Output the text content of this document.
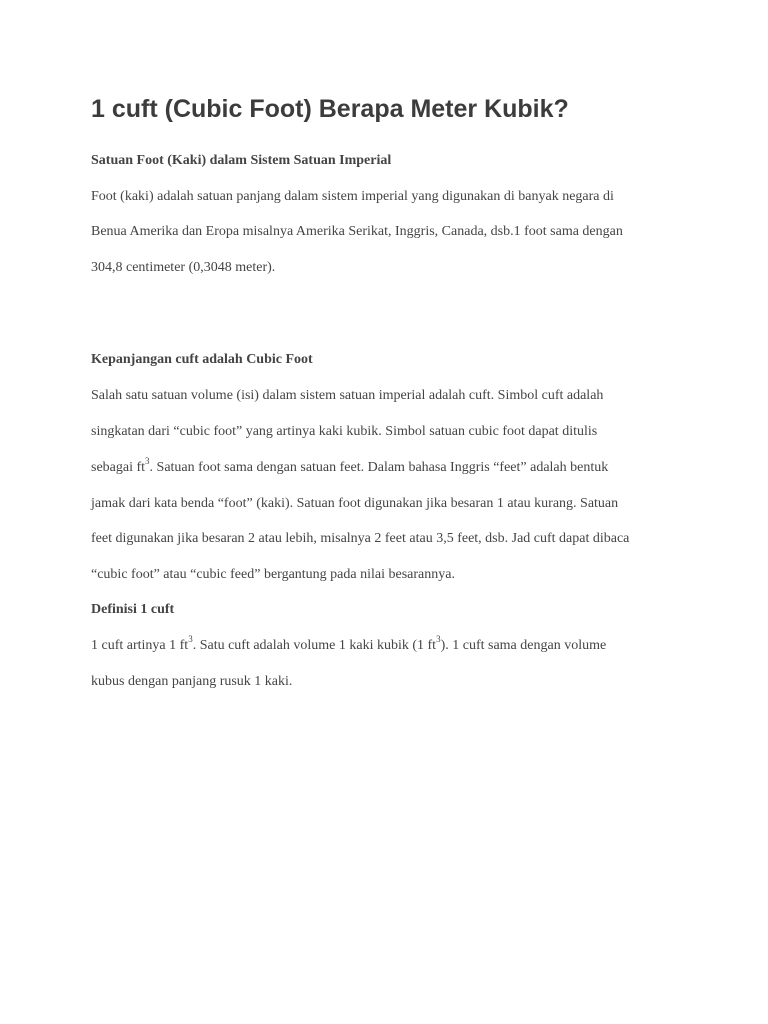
1 cuft (Cubic Foot) Berapa Meter Kubik?
Satuan Foot (Kaki) dalam Sistem Satuan Imperial

Foot (kaki) adalah satuan panjang dalam sistem imperial yang digunakan di banyak negara di

Benua Amerika dan Eropa misalnya Amerika Serikat, Inggris, Canada, dsb.1 foot sama dengan

304,8 centimeter (0,3048 meter).

Kepanjangan cuft adalah Cubic Foot

Salah satu satuan volume (isi) dalam sistem satuan imperial adalah cuft. Simbol cuft adalah

singkatan dari “cubic foot” yang artinya kaki kubik. Simbol satuan cubic foot dapat ditulis

sebagai $ft^3$. Satuan foot sama dengan satuan feet. Dalam bahasa Inggris “feet” adalah bentuk

jamak dari kata benda “foot” (kaki). Satuan foot digunakan jika besaran 1 atau kurang. Satuan

feet digunakan jika besaran 2 atau lebih, misalnya 2 feet atau 3,5 feet, dsb. Jad cuft dapat dibaca

“cubic foot” atau “cubic feed” bergantung pada nilai besarannya.

Definisi 1 cuft

1 cuft artinya 1 $ft^3$. Satu cuft adalah volume 1 kaki kubik (1 $ft^3$). 1 cuft sama dengan volume

kubus dengan panjang rusuk 1 kaki.
